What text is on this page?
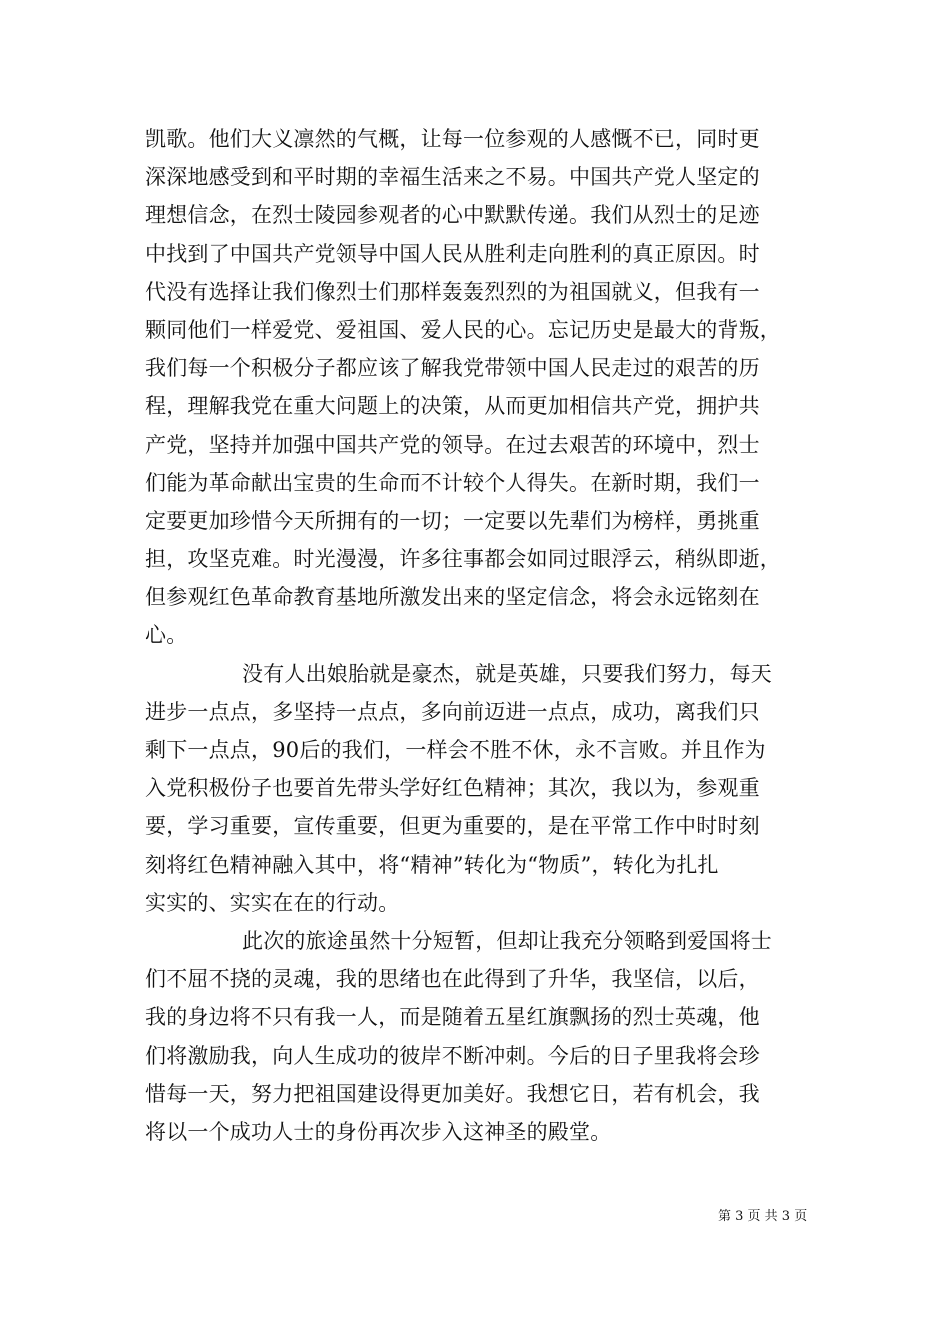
凯歌。他们大义凛然的气概，让每一位参观的人感慨不已，同时更
深深地感受到和平时期的幸福生活来之不易。中国共产党人坚定的
理想信念，在烈士陵园参观者的心中默默传递。我们从烈士的足迹
中找到了中国共产党领导中国人民从胜利走向胜利的真正原因。时
代没有选择让我们像烈士们那样轰轰烈烈的为祖国就义，但我有一
颗同他们一样爱党、爱祖国、爱人民的心。忘记历史是最大的背叛，
我们每一个积极分子都应该了解我党带领中国人民走过的艰苦的历
程，理解我党在重大问题上的决策，从而更加相信共产党，拥护共
产党，坚持并加强中国共产党的领导。在过去艰苦的环境中，烈士
们能为革命献出宝贵的生命而不计较个人得失。在新时期，我们一
定要更加珍惜今天所拥有的一切；一定要以先辈们为榜样，勇挑重
担，攻坚克难。时光漫漫，许多往事都会如同过眼浮云，稍纵即逝，
但参观红色革命教育基地所激发出来的坚定信念，将会永远铭刻在
心。
没有人出娘胎就是豪杰，就是英雄，只要我们努力，每天
进步一点点，多坚持一点点，多向前迈进一点点，成功，离我们只
剩下一点点，90后的我们，一样会不胜不休，永不言败。并且作为
入党积极份子也要首先带头学好红色精神；其次，我以为，参观重
要，学习重要，宣传重要，但更为重要的，是在平常工作中时时刻
刻将红色精神融入其中，将“精神”转化为“物质”，转化为扎扎
实实的、实实在在的行动。
此次的旅途虽然十分短暂，但却让我充分领略到爱国将士
们不屈不挠的灵魂，我的思绪也在此得到了升华，我坚信，以后，
我的身边将不只有我一人，而是随着五星红旗飘扬的烈士英魂，他
们将激励我，向人生成功的彼岸不断冲刺。今后的日子里我将会珍
惜每一天，努力把祖国建设得更加美好。我想它日，若有机会，我
将以一个成功人士的身份再次步入这神圣的殿堂。
第 3 页 共 3 页
